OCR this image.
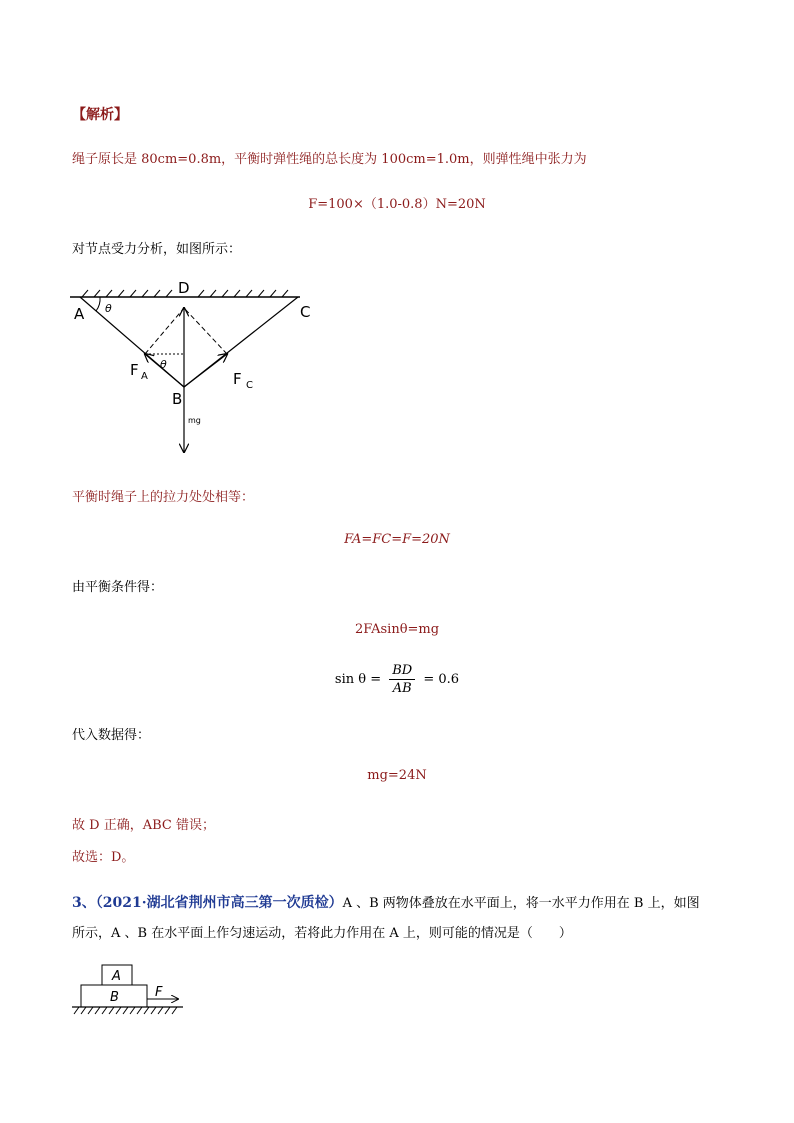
【解析】
绳子原长是 80cm=0.8m，平衡时弹性绳的总长度为 100cm=1.0m，则弹性绳中张力为
F=100×（1.0-0.8）N=20N
对节点受力分析，如图所示：
A
D
C
B
θ
θ
F A	F C
mg
平衡时绳子上的拉力处处相等：
FA=FC=F=20N
由平衡条件得：
2FAsinθ=mg
$\sin \theta = \frac{BD}{AB} = 0.6$
代入数据得：
mg=24N
故 D 正确，ABC 错误；
故选：D。
3、（2021·湖北省荆州市高三第一次质检）A 、B 两物体叠放在水平面上，将一水平力作用在 B 上，如图
所示，A 、B 在水平面上作匀速运动，若将此力作用在 A 上，则可能的情况是（　　）
A
B	F
